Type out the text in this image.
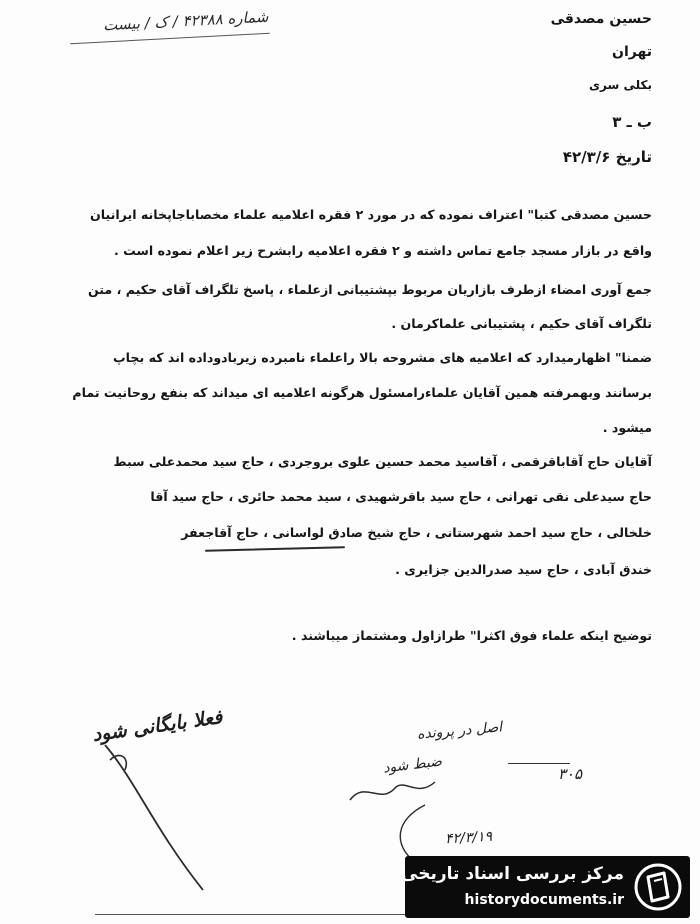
شماره ۴۲۳۸۸ / ک / بیست	حسین مصدقی
تهران
بکلی سری
ب ـ ۳
تاریخ ۴۲/۳/۶
حسین مصدقی کتبا" اعتراف نموده که در مورد ۲ فقره اعلامیه علماء مخصاباجاپخانه ایرانیان
واقع در بازار مسجد جامع تماس داشته و ۲ فقره اعلامیه رابشرح زیر اعلام نموده است .
جمع آوری امضاء ازطرف بازاریان مربوط بپشتیبانی ازعلماء ، پاسخ تلگراف آقای حکیم ، متن
تلگراف آقای حکیم ، پشتیبانی علماکرمان .
ضمنا" اظهارمیدارد که اعلامیه های مشروحه بالا راعلماء نامبرده زیربادوداده اند که بچاپ
برسانند وبهمرفته همین آقایان علماءرامسئول هرگونه اعلامیه ای میداند که بنفع روحانیت تمام
میشود .
آقایان حاج آقاباقرقمی ، آقاسید محمد حسین علوی بروجردی ، حاج سید محمدعلی سبط
حاج سیدعلی نقی تهرانی ، حاج سید باقرشهیدی ، سید محمد حائری ، حاج سید آقا
خلخالی ، حاج سید احمد شهرستانی ، حاج شیخ صادق لواسانی ، حاج آقاجعفر
خندق آبادی ، حاج سید صدرالدین جزایری .
توضیح اینکه علماء فوق اکثرا" طرازاول ومشتماز میباشند .
فعلا بایگانی شود	اصل در پرونده
ضبط شود	۳۰۵
۴۲/۳/۱۹
مرکز بررسی اسناد تاریخی
historydocuments.ir
